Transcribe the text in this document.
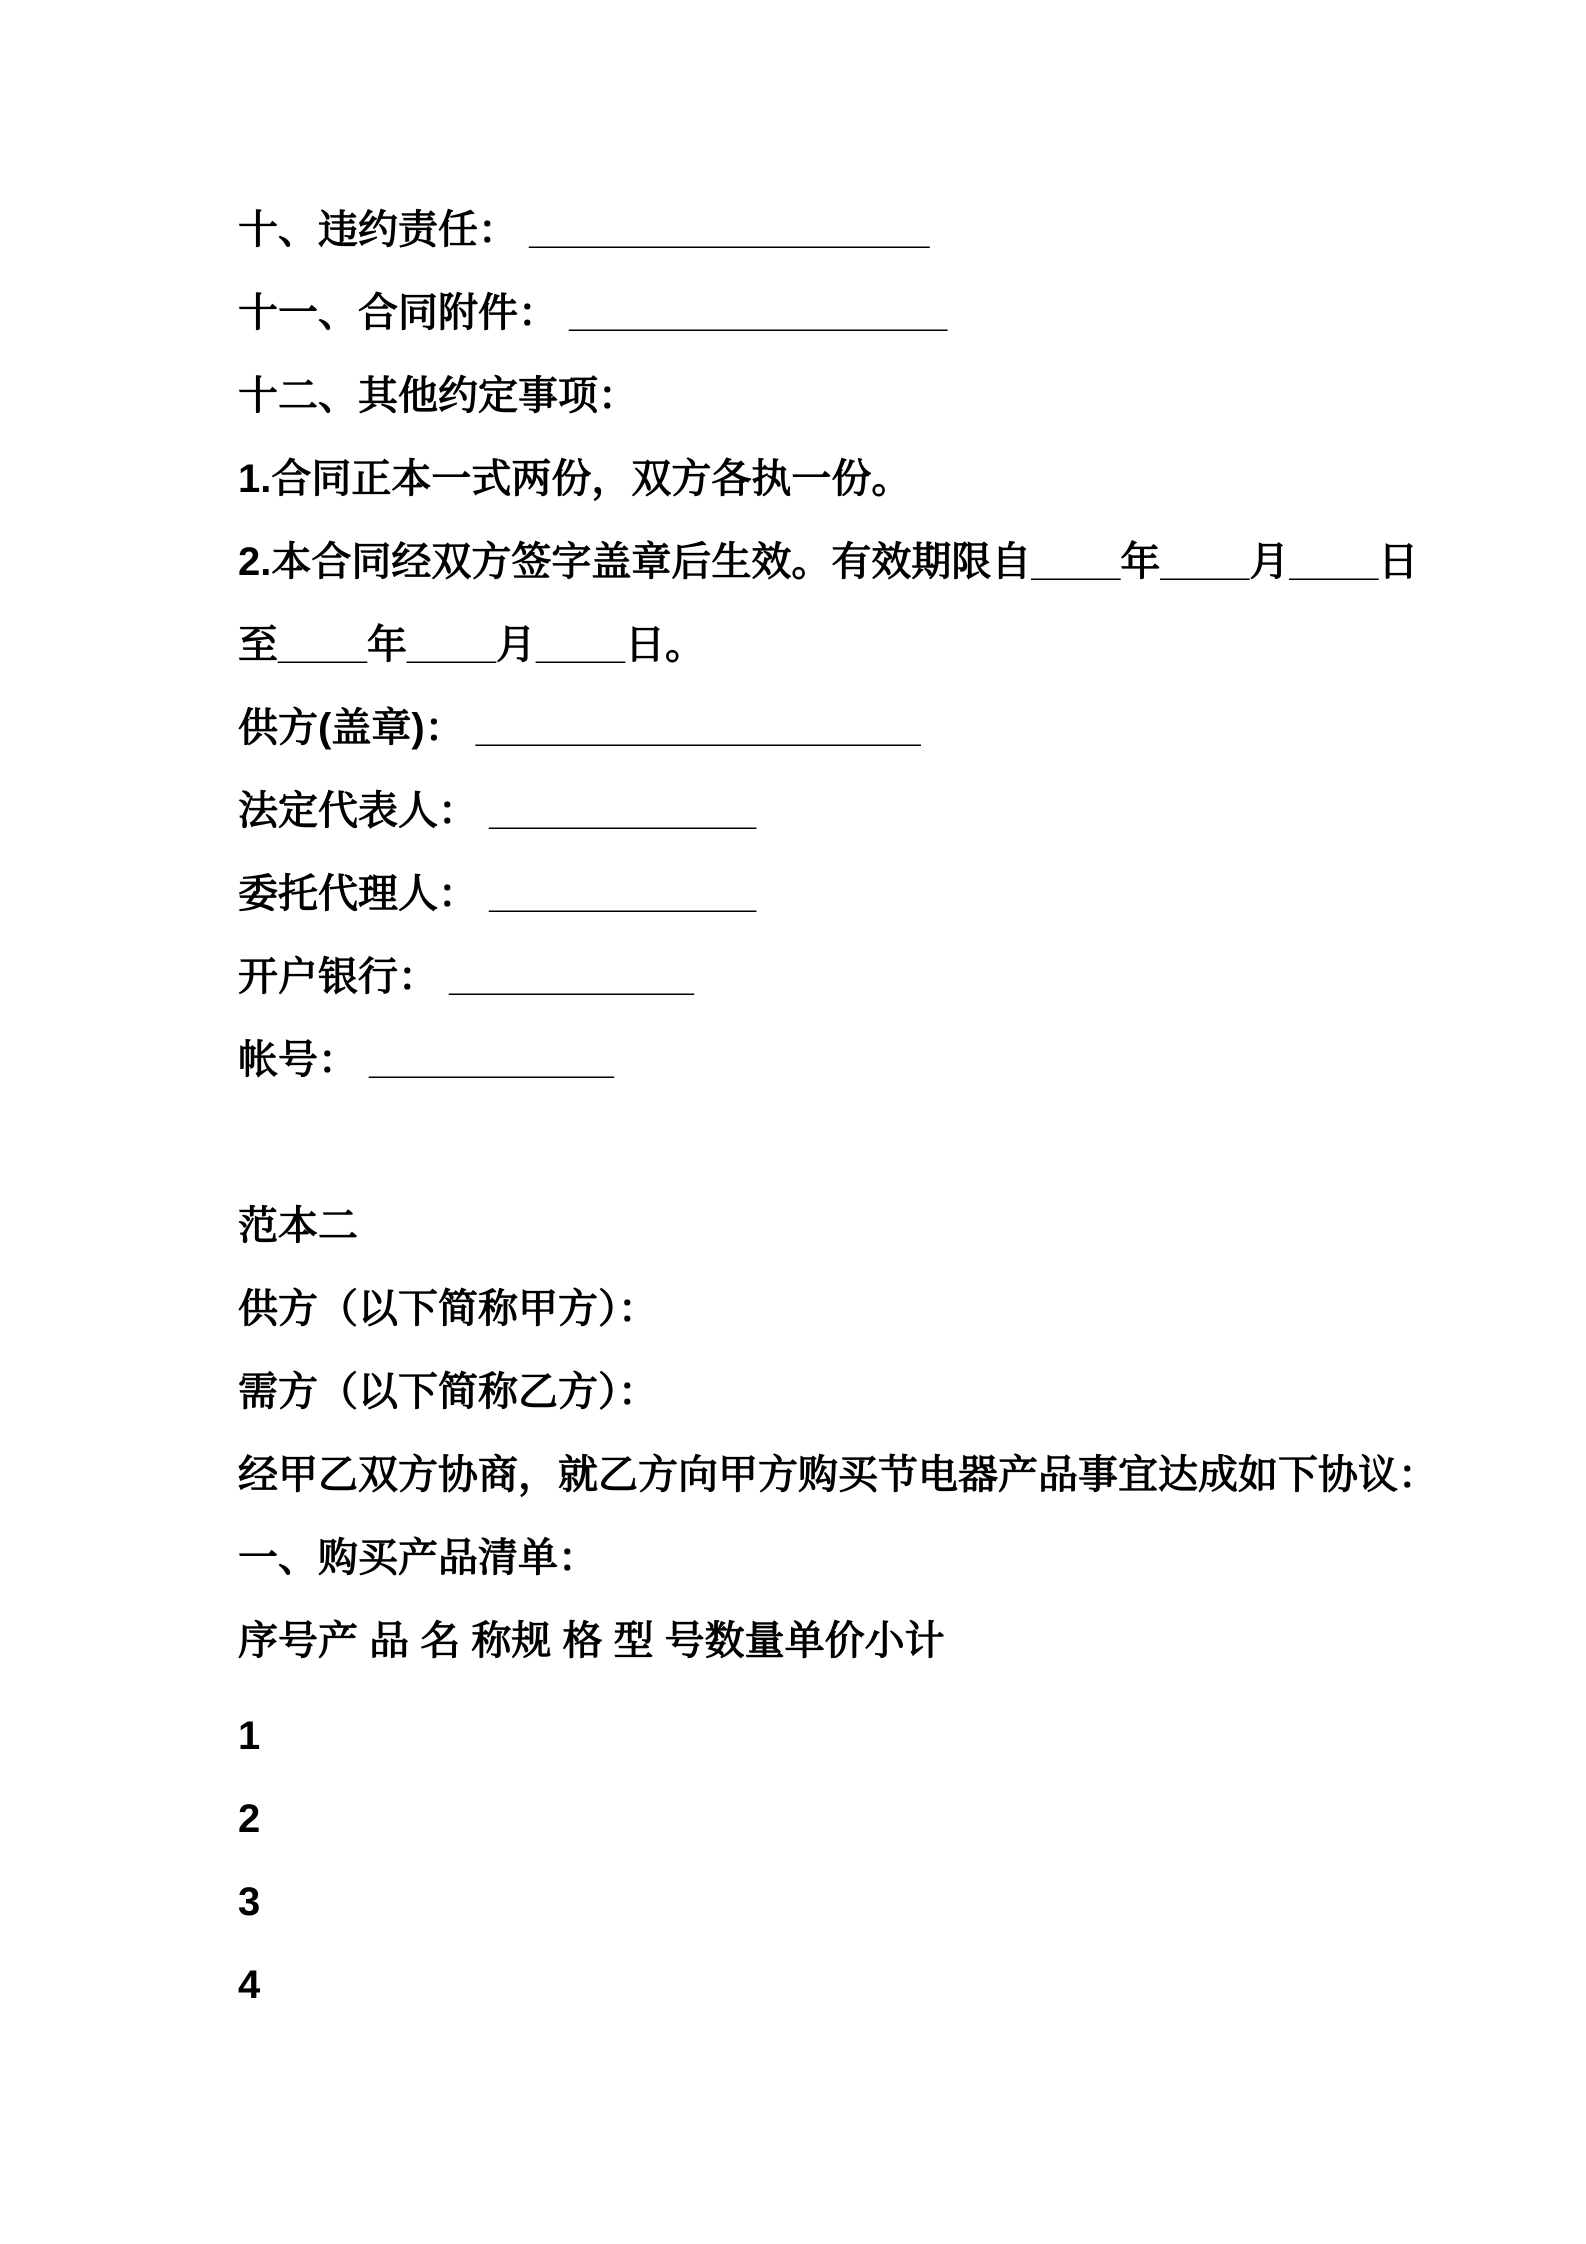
十、违约责任： __________________

十一、合同附件： _________________

十二、其他约定事项：

1.合同正本一式两份，双方各执一份。

2.本合同经双方签字盖章后生效。有效期限自____年____月____日

至____年____月____日。

供方(盖章)： ____________________

法定代表人： ____________

委托代理人： ____________

开户银行： ___________

帐号： ___________

范本二

供方（以下简称甲方）：

需方（以下简称乙方）：

经甲乙双方协商，就乙方向甲方购买节电器产品事宜达成如下协议：

一、购买产品清单：

序号产 品 名 称规 格 型 号数量单价小计

1

2

3

4
